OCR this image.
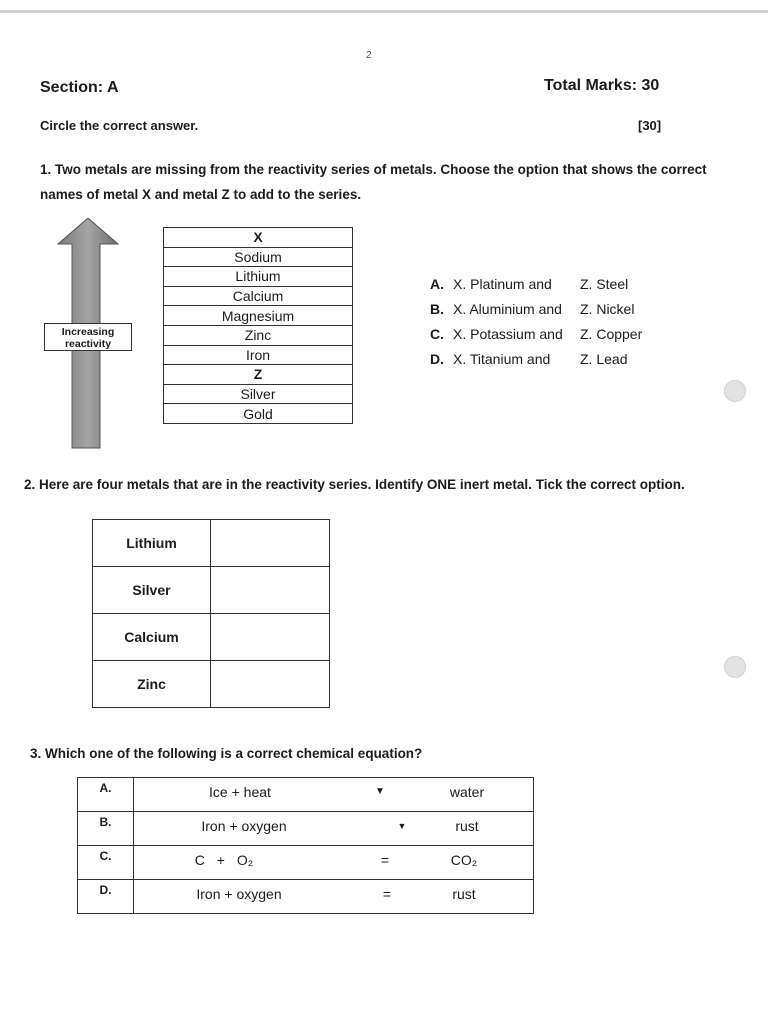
2
Section: A	Total Marks: 30
Circle the correct answer.	[30]
1. Two metals are missing from the reactivity series of metals. Choose the option that shows the correct names of metal X and metal Z to add to the series.
Increasing
reactivity
X
Sodium
Lithium
Calcium
Magnesium
Zinc
Iron
Z
Silver
Gold
A. X. Platinum and Z. Steel
B. X. Aluminium and Z. Nickel
C. X. Potassium and Z. Copper
D. X. Titanium and Z. Lead
2. Here are four metals that are in the reactivity series. Identify ONE inert metal. Tick the correct option.
Lithium	
Silver	
Calcium	
Zinc	
3. Which one of the following is a correct chemical equation?
A.	Ice + heat ▼ water

B.	Iron + oxygen ▼ rust

C.	C + O₂ = CO₂

D.	Iron + oxygen = rust
